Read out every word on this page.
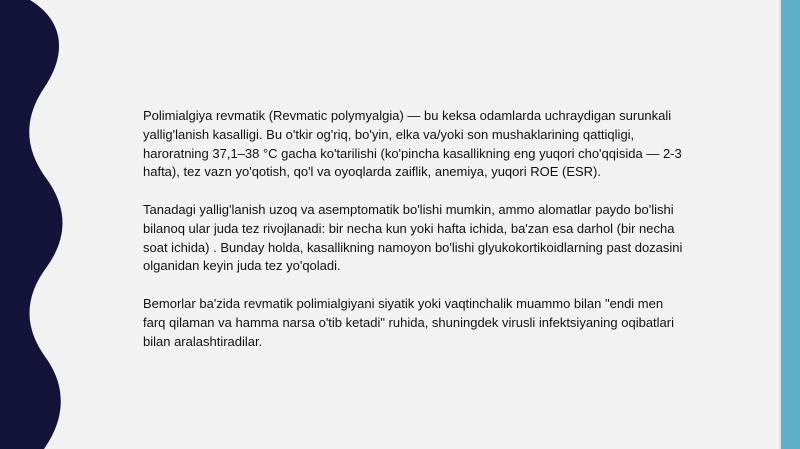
Polimialgiya revmatik (Revmatic polymyalgia) — bu keksa odamlarda uchraydigan surunkali yallig'lanish kasalligi. Bu o'tkir og'riq, bo'yin, elka va/yoki son mushaklarining qattiqligi, haroratning 37,1–38 °C gacha ko'tarilishi (ko'pincha kasallikning eng yuqori cho'qqisida — 2-3 hafta), tez vazn yo'qotish, qo'l va oyoqlarda zaiflik, anemiya, yuqori ROE (ESR).

Tanadagi yallig'lanish uzoq va asemptomatik bo'lishi mumkin, ammo alomatlar paydo bo'lishi bilanoq ular juda tez rivojlanadi: bir necha kun yoki hafta ichida, ba'zan esa darhol (bir necha soat ichida) . Bunday holda, kasallikning namoyon bo'lishi glyukokortikoidlarning past dozasini olganidan keyin juda tez yo'qoladi.

Bemorlar ba'zida revmatik polimialgiyani siyatik yoki vaqtinchalik muammo bilan "endi men farq qilaman va hamma narsa o'tib ketadi" ruhida, shuningdek virusli infektsiyaning oqibatlari bilan aralashtiradilar.
